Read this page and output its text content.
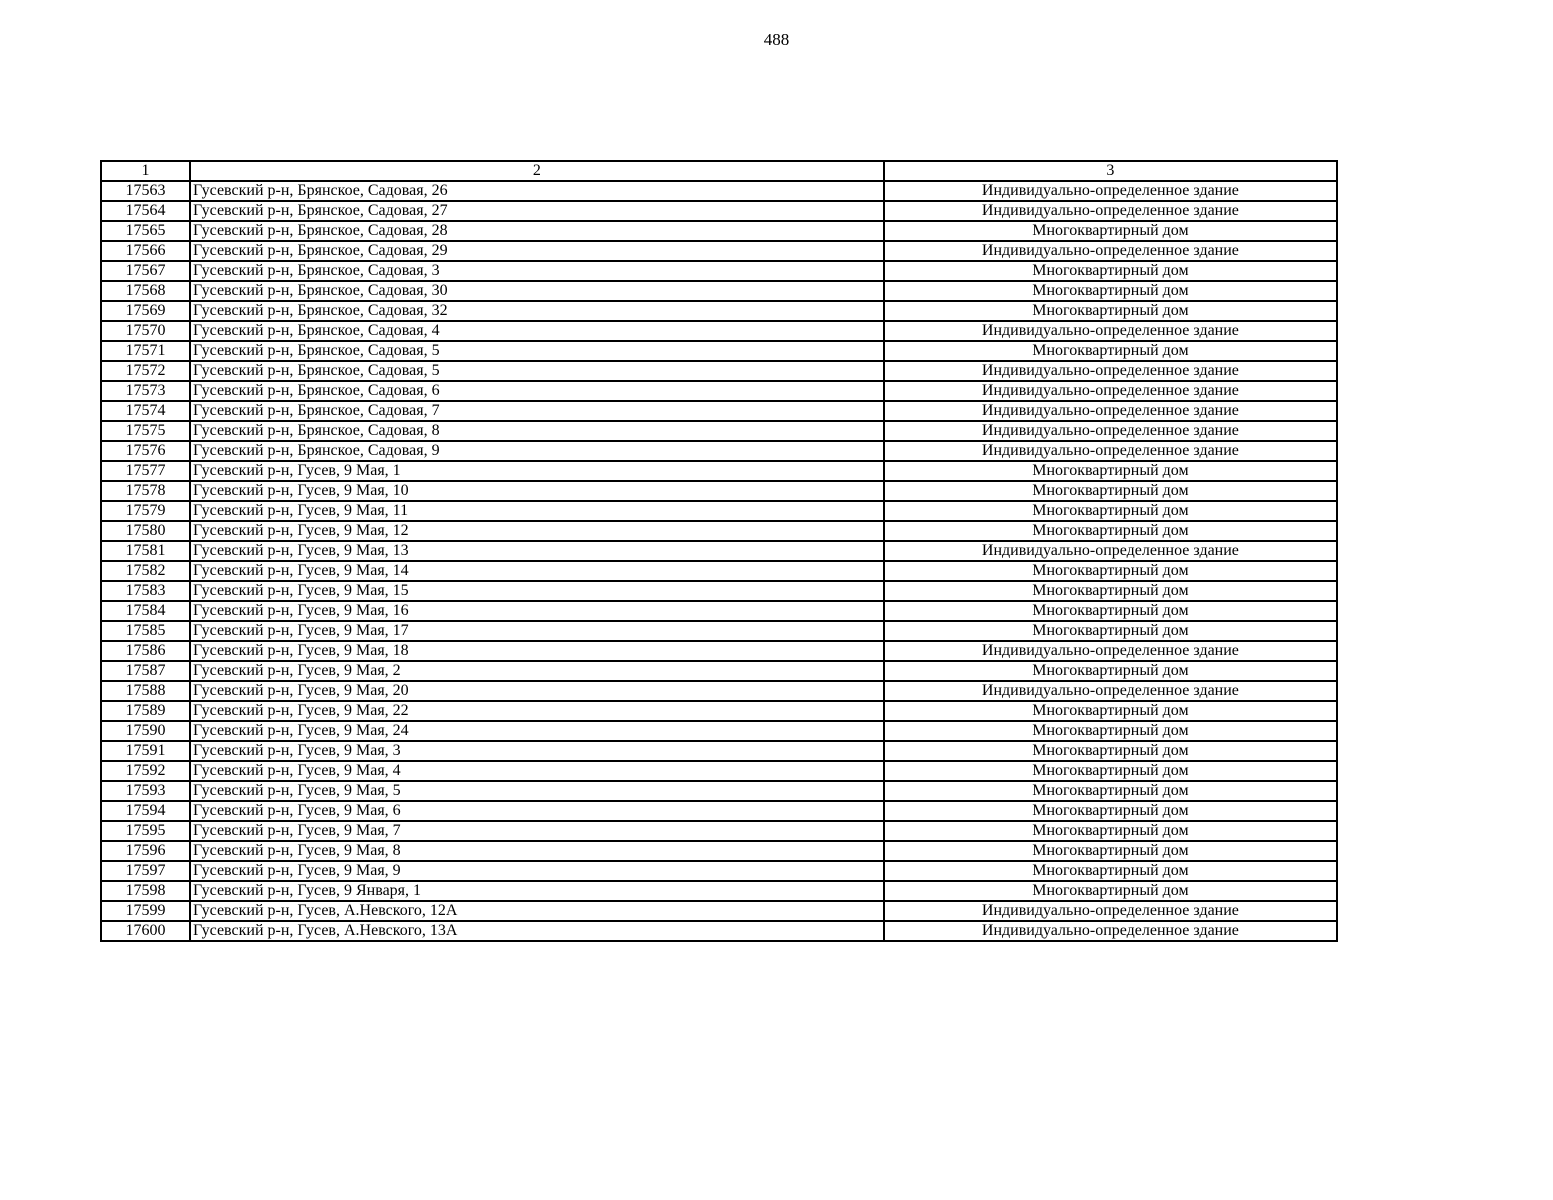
488
1	2	3
17563	Гусевский р-н, Брянское, Садовая, 26	Индивидуально-определенное здание
17564	Гусевский р-н, Брянское, Садовая, 27	Индивидуально-определенное здание
17565	Гусевский р-н, Брянское, Садовая, 28	Многоквартирный дом
17566	Гусевский р-н, Брянское, Садовая, 29	Индивидуально-определенное здание
17567	Гусевский р-н, Брянское, Садовая, 3	Многоквартирный дом
17568	Гусевский р-н, Брянское, Садовая, 30	Многоквартирный дом
17569	Гусевский р-н, Брянское, Садовая, 32	Многоквартирный дом
17570	Гусевский р-н, Брянское, Садовая, 4	Индивидуально-определенное здание
17571	Гусевский р-н, Брянское, Садовая, 5	Многоквартирный дом
17572	Гусевский р-н, Брянское, Садовая, 5	Индивидуально-определенное здание
17573	Гусевский р-н, Брянское, Садовая, 6	Индивидуально-определенное здание
17574	Гусевский р-н, Брянское, Садовая, 7	Индивидуально-определенное здание
17575	Гусевский р-н, Брянское, Садовая, 8	Индивидуально-определенное здание
17576	Гусевский р-н, Брянское, Садовая, 9	Индивидуально-определенное здание
17577	Гусевский р-н, Гусев, 9 Мая, 1	Многоквартирный дом
17578	Гусевский р-н, Гусев, 9 Мая, 10	Многоквартирный дом
17579	Гусевский р-н, Гусев, 9 Мая, 11	Многоквартирный дом
17580	Гусевский р-н, Гусев, 9 Мая, 12	Многоквартирный дом
17581	Гусевский р-н, Гусев, 9 Мая, 13	Индивидуально-определенное здание
17582	Гусевский р-н, Гусев, 9 Мая, 14	Многоквартирный дом
17583	Гусевский р-н, Гусев, 9 Мая, 15	Многоквартирный дом
17584	Гусевский р-н, Гусев, 9 Мая, 16	Многоквартирный дом
17585	Гусевский р-н, Гусев, 9 Мая, 17	Многоквартирный дом
17586	Гусевский р-н, Гусев, 9 Мая, 18	Индивидуально-определенное здание
17587	Гусевский р-н, Гусев, 9 Мая, 2	Многоквартирный дом
17588	Гусевский р-н, Гусев, 9 Мая, 20	Индивидуально-определенное здание
17589	Гусевский р-н, Гусев, 9 Мая, 22	Многоквартирный дом
17590	Гусевский р-н, Гусев, 9 Мая, 24	Многоквартирный дом
17591	Гусевский р-н, Гусев, 9 Мая, 3	Многоквартирный дом
17592	Гусевский р-н, Гусев, 9 Мая, 4	Многоквартирный дом
17593	Гусевский р-н, Гусев, 9 Мая, 5	Многоквартирный дом
17594	Гусевский р-н, Гусев, 9 Мая, 6	Многоквартирный дом
17595	Гусевский р-н, Гусев, 9 Мая, 7	Многоквартирный дом
17596	Гусевский р-н, Гусев, 9 Мая, 8	Многоквартирный дом
17597	Гусевский р-н, Гусев, 9 Мая, 9	Многоквартирный дом
17598	Гусевский р-н, Гусев, 9 Января, 1	Многоквартирный дом
17599	Гусевский р-н, Гусев, А.Невского, 12А	Индивидуально-определенное здание
17600	Гусевский р-н, Гусев, А.Невского, 13А	Индивидуально-определенное здание
